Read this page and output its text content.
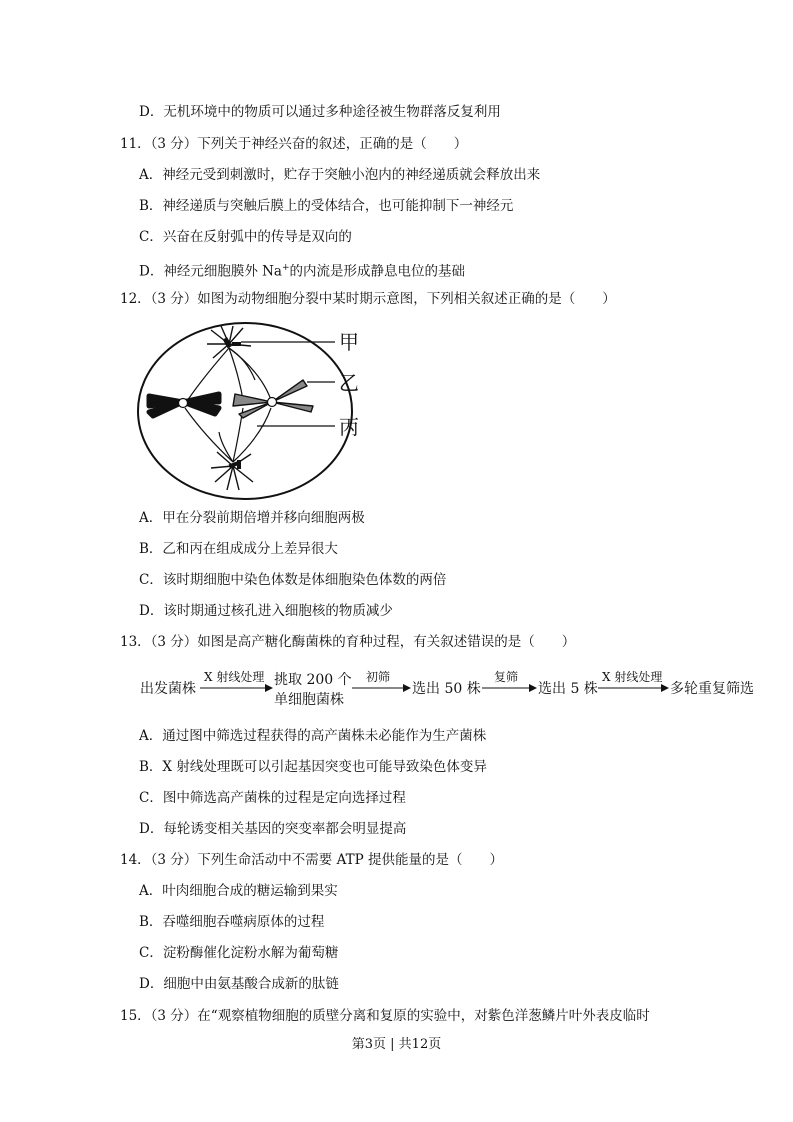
D．无机环境中的物质可以通过多种途径被生物群落反复利用
11．（3 分）下列关于神经兴奋的叙述，正确的是（　　）
A．神经元受到刺激时，贮存于突触小泡内的神经递质就会释放出来
B．神经递质与突触后膜上的受体结合，也可能抑制下一神经元
C．兴奋在反射弧中的传导是双向的
D．神经元细胞膜外 Na+的内流是形成静息电位的基础
12．（3 分）如图为动物细胞分裂中某时期示意图，下列相关叙述正确的是（　　）
甲
乙
丙
A．甲在分裂前期倍增并移向细胞两极
B．乙和丙在组成成分上差异很大
C．该时期细胞中染色体数是体细胞染色体数的两倍
D．该时期通过核孔进入细胞核的物质减少
13．（3 分）如图是高产糖化酶菌株的育种过程，有关叙述错误的是（　　）
出发菌株
X 射线处理 挑取 200 个
单细胞菌株
初筛
选出 50 株
复筛
选出 5 株
X 射线处理
多轮重复筛选
A．通过图中筛选过程获得的高产菌株未必能作为生产菌株
B．X 射线处理既可以引起基因突变也可能导致染色体变异
C．图中筛选高产菌株的过程是定向选择过程
D．每轮诱变相关基因的突变率都会明显提高
14．（3 分）下列生命活动中不需要 ATP 提供能量的是（　　）
A．叶肉细胞合成的糖运输到果实
B．吞噬细胞吞噬病原体的过程
C．淀粉酶催化淀粉水解为葡萄糖
D．细胞中由氨基酸合成新的肽链
15．（3 分）在“观察植物细胞的质壁分离和复原的实验中，对紫色洋葱鳞片叶外表皮临时
第3页 | 共12页
